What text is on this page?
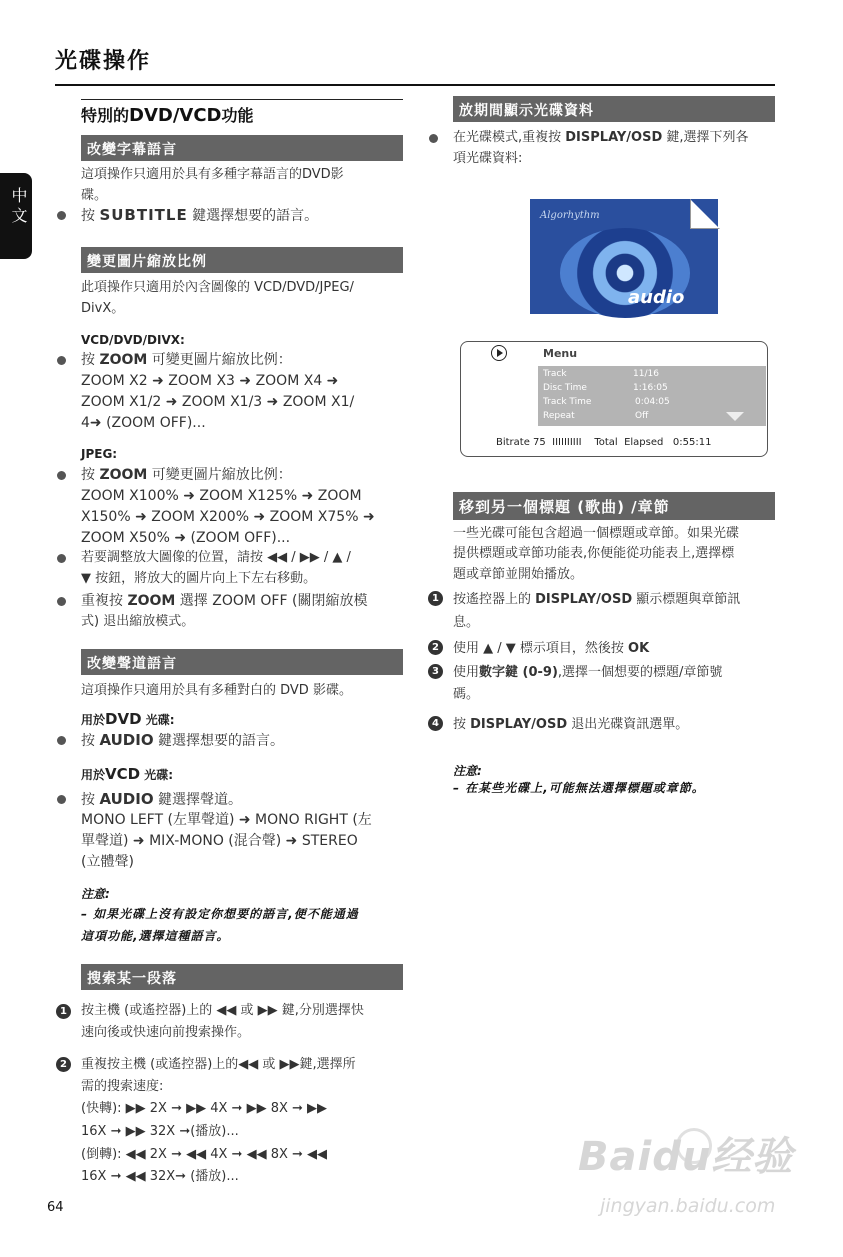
光碟操作
中文
特別的DVD/VCD功能
改變字幕語言
這項操作只適用於具有多種字幕語言的DVD影
碟。
按 SUBTITLE 鍵選擇想要的語言。
變更圖片縮放比例
此項操作只適用於內含圖像的 VCD/DVD/JPEG/
DivX。
VCD/DVD/DIVX:
按 ZOOM 可變更圖片縮放比例：
ZOOM X2 ➜ ZOOM X3 ➜ ZOOM X4 ➜
ZOOM X1/2 ➜ ZOOM X1/3 ➜ ZOOM X1/
4➜ (ZOOM OFF)...
JPEG:
按 ZOOM 可變更圖片縮放比例：
ZOOM X100% ➜ ZOOM X125% ➜ ZOOM
X150% ➜ ZOOM X200% ➜ ZOOM X75% ➜
ZOOM X50% ➜ (ZOOM OFF)...
若要調整放大圖像的位置，請按 ◀◀ / ▶▶ / ▲ /
▼ 按鈕，將放大的圖片向上下左右移動。
重複按 ZOOM 選擇 ZOOM OFF (關閉縮放模
式) 退出縮放模式。
改變聲道語言
這項操作只適用於具有多種對白的 DVD 影碟。
用於DVD 光碟:
按 AUDIO 鍵選擇想要的語言。
用於VCD 光碟:
按 AUDIO 鍵選擇聲道。
MONO LEFT (左單聲道) ➜ MONO RIGHT (左
單聲道) ➜ MIX-MONO (混合聲) ➜ STEREO
(立體聲)
注意:
– 如果光碟上沒有設定你想要的語言,便不能通過
這項功能,選擇這種語言。
搜索某一段落
1	按主機 (或遙控器)上的 ◀◀ 或 ▶▶ 鍵,分別選擇快
速向後或快速向前搜索操作。
2	重複按主機 (或遙控器)上的◀◀ 或 ▶▶鍵,選擇所
需的搜索速度:
(快轉): ▶▶ 2X ➞ ▶▶ 4X ➞ ▶▶ 8X ➞ ▶▶
16X ➞ ▶▶ 32X ➞(播放)...
(倒轉): ◀◀ 2X ➞ ◀◀ 4X ➞ ◀◀ 8X ➞ ◀◀
16X ➞ ◀◀ 32X➞ (播放)...
64
放期間顯示光碟資料
在光碟模式,重複按 DISPLAY/OSD 鍵,選擇下列各
項光碟資料:
Algorhythm
audio
Menu
Track	11/16
Disc Time	1:16:05
Track Time	0:04:05
Repeat	Off
Bitrate 75 IIIIIIIIII Total Elapsed 0:55:11
移到另一個標題 (歌曲) /章節
一些光碟可能包含超過一個標題或章節。如果光碟
提供標題或章節功能表,你便能從功能表上,選擇標
題或章節並開始播放。
1	按遙控器上的 DISPLAY/OSD 顯示標題與章節訊
息。
2	使用 ▲ / ▼ 標示項目，然後按 OK
3	使用數字鍵 (0-9),選擇一個想要的標題/章節號
碼。
4	按 DISPLAY/OSD 退出光碟資訊選單。
注意:
– 在某些光碟上,可能無法選擇標題或章節。
Baidu经验
jingyan.baidu.com
